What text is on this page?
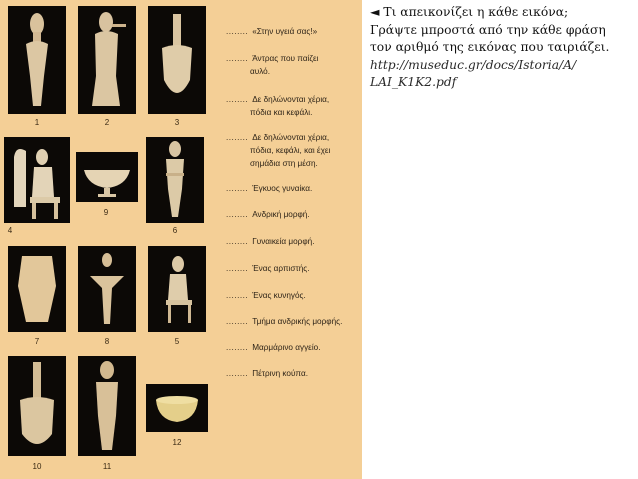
1	2	3
4
9
6
7	8	5
10	11
12
........ «Στην υγειά σας!»
........ Άντρας που παίζει
αυλό.
........ Δε δηλώνονται χέρια,
πόδια και κεφάλι.
........ Δε δηλώνονται χέρια,
πόδια, κεφάλι, και έχει
σημάδια στη μέση.
........ Έγκυος γυναίκα.
........ Ανδρική μορφή.
........ Γυναικεία μορφή.
........ Ένας αρπιστής.
........ Ένας κυνηγός.
........ Τμήμα ανδρικής μορφής.
........ Μαρμάρινο αγγείο.
........ Πέτρινη κούπα.
◄ Τι απεικονίζει η κάθε εικόνα;
Γράψτε μπροστά από την κάθε φράση
τον αριθμό της εικόνας που ταιριάζει.
http://museduc.gr/docs/Istoria/A/
LAI_K1K2.pdf
